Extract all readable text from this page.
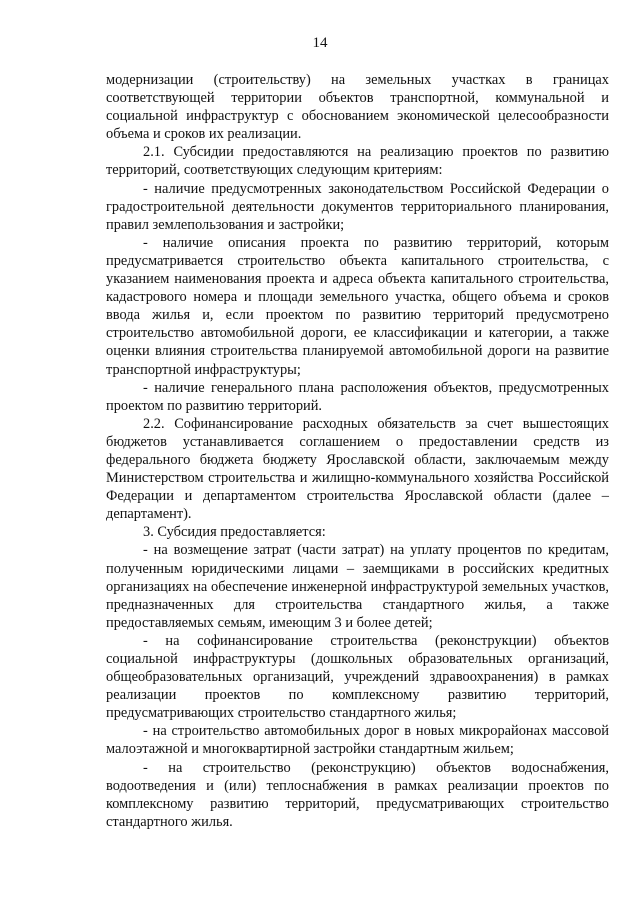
14

модернизации (строительству) на земельных участках в границах соответствующей территории объектов транспортной, коммунальной и социальной инфраструктур с обоснованием экономической целесообразности объема и сроков их реализации.

2.1. Субсидии предоставляются на реализацию проектов по развитию территорий, соответствующих следующим критериям:

- наличие предусмотренных законодательством Российской Федерации о градостроительной деятельности документов территориального планирования, правил землепользования и застройки;

- наличие описания проекта по развитию территорий, которым предусматривается строительство объекта капитального строительства, с указанием наименования проекта и адреса объекта капитального строительства, кадастрового номера и площади земельного участка, общего объема и сроков ввода жилья и, если проектом по развитию территорий предусмотрено строительство автомобильной дороги, ее классификации и категории, а также оценки влияния строительства планируемой автомобильной дороги на развитие транспортной инфраструктуры;

- наличие генерального плана расположения объектов, предусмотренных проектом по развитию территорий.

2.2. Софинансирование расходных обязательств за счет вышестоящих бюджетов устанавливается соглашением о предоставлении средств из федерального бюджета бюджету Ярославской области, заключаемым между Министерством строительства и жилищно-коммунального хозяйства Российской Федерации и департаментом строительства Ярославской области (далее – департамент).

3. Субсидия предоставляется:

- на возмещение затрат (части затрат) на уплату процентов по кредитам, полученным юридическими лицами – заемщиками в российских кредитных организациях на обеспечение инженерной инфраструктурой земельных участков, предназначенных для строительства стандартного жилья, а также предоставляемых семьям, имеющим 3 и более детей;

- на софинансирование строительства (реконструкции) объектов социальной инфраструктуры (дошкольных образовательных организаций, общеобразовательных организаций, учреждений здравоохранения) в рамках реализации проектов по комплексному развитию территорий, предусматривающих строительство стандартного жилья;

- на строительство автомобильных дорог в новых микрорайонах массовой малоэтажной и многоквартирной застройки стандартным жильем;

- на строительство (реконструкцию) объектов водоснабжения, водоотведения и (или) теплоснабжения в рамках реализации проектов по комплексному развитию территорий, предусматривающих строительство стандартного жилья.
